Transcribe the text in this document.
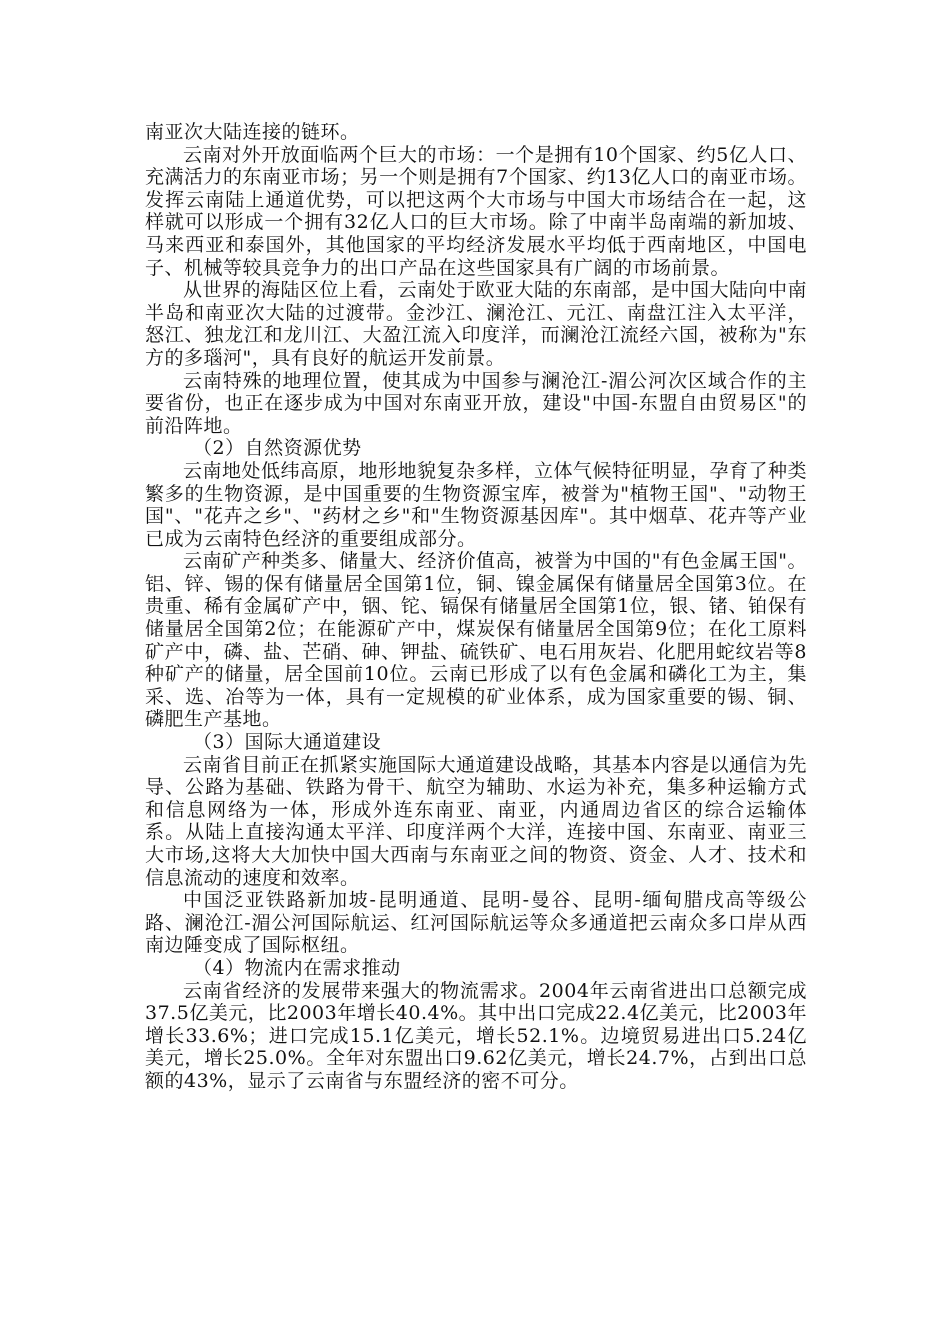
南亚次大陆连接的链环。

云南对外开放面临两个巨大的市场：一个是拥有10个国家、约5亿人口、充满活力的东南亚市场；另一个则是拥有7个国家、约13亿人口的南亚市场。发挥云南陆上通道优势，可以把这两个大市场与中国大市场结合在一起，这样就可以形成一个拥有32亿人口的巨大市场。除了中南半岛南端的新加坡、马来西亚和泰国外，其他国家的平均经济发展水平均低于西南地区，中国电子、机械等较具竞争力的出口产品在这些国家具有广阔的市场前景。

从世界的海陆区位上看，云南处于欧亚大陆的东南部，是中国大陆向中南半岛和南亚次大陆的过渡带。金沙江、澜沧江、元江、南盘江注入太平洋，怒江、独龙江和龙川江、大盈江流入印度洋，而澜沧江流经六国，被称为"东方的多瑙河"，具有良好的航运开发前景。

云南特殊的地理位置，使其成为中国参与澜沧江-湄公河次区域合作的主要省份，也正在逐步成为中国对东南亚开放，建设"中国-东盟自由贸易区"的前沿阵地。

（2）自然资源优势

云南地处低纬高原，地形地貌复杂多样，立体气候特征明显，孕育了种类繁多的生物资源，是中国重要的生物资源宝库，被誉为"植物王国"、"动物王国"、"花卉之乡"、"药材之乡"和"生物资源基因库"。其中烟草、花卉等产业已成为云南特色经济的重要组成部分。

云南矿产种类多、储量大、经济价值高，被誉为中国的"有色金属王国"。铝、锌、锡的保有储量居全国第1位，铜、镍金属保有储量居全国第3位。在贵重、稀有金属矿产中，铟、铊、镉保有储量居全国第1位，银、锗、铂保有储量居全国第2位；在能源矿产中，煤炭保有储量居全国第9位；在化工原料矿产中，磷、盐、芒硝、砷、钾盐、硫铁矿、电石用灰岩、化肥用蛇纹岩等8种矿产的储量，居全国前10位。云南已形成了以有色金属和磷化工为主，集采、选、冶等为一体，具有一定规模的矿业体系，成为国家重要的锡、铜、磷肥生产基地。

（3）国际大通道建设

云南省目前正在抓紧实施国际大通道建设战略，其基本内容是以通信为先导、公路为基础、铁路为骨干、航空为辅助、水运为补充，集多种运输方式和信息网络为一体，形成外连东南亚、南亚，内通周边省区的综合运输体系。从陆上直接沟通太平洋、印度洋两个大洋，连接中国、东南亚、南亚三大市场,这将大大加快中国大西南与东南亚之间的物资、资金、人才、技术和信息流动的速度和效率。

中国泛亚铁路新加坡-昆明通道、昆明-曼谷、昆明-缅甸腊戌高等级公路、澜沧江-湄公河国际航运、红河国际航运等众多通道把云南众多口岸从西南边陲变成了国际枢纽。

（4）物流内在需求推动

云南省经济的发展带来强大的物流需求。2004年云南省进出口总额完成37.5亿美元，比2003年增长40.4%。其中出口完成22.4亿美元，比2003年增长33.6%；进口完成15.1亿美元，增长52.1%。边境贸易进出口5.24亿美元，增长25.0%。全年对东盟出口9.62亿美元，增长24.7%，占到出口总额的43%，显示了云南省与东盟经济的密不可分。
